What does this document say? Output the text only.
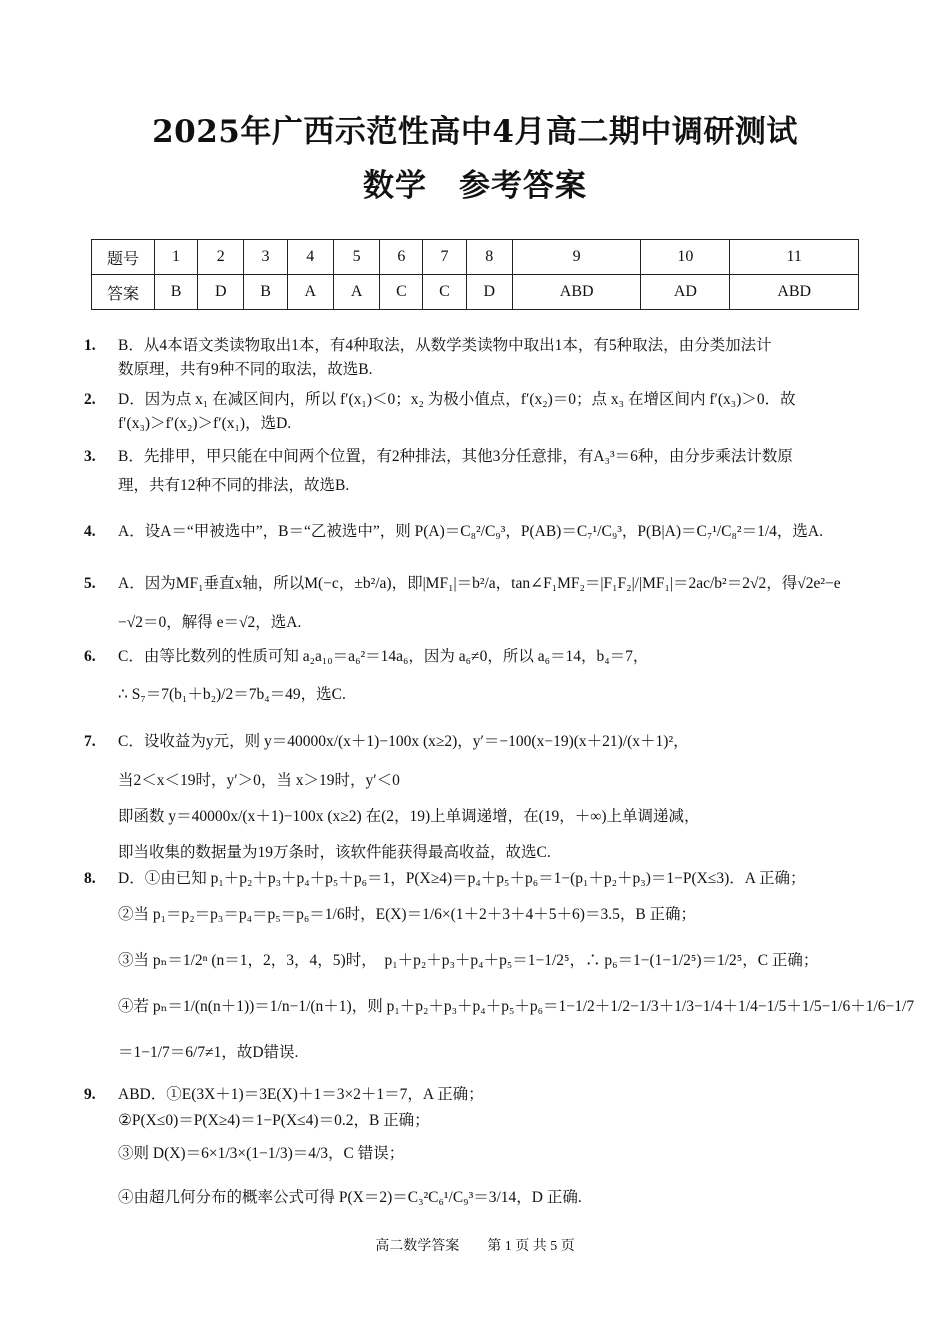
2025年广西示范性高中4月高二期中调研测试
数学　参考答案
题号	1	2	3	4	5	6	7	8	9	10	11
答案	B	D	B	A	A	C	C	D	ABD	AD	ABD
1. B．从4本语文类读物取出1本，有4种取法，从数学类读物中取出1本，有5种取法，由分类加法计
数原理，共有9种不同的取法，故选B.
2. D．因为点 x₁ 在减区间内，所以 f′(x₁)＜0；x₂ 为极小值点，f′(x₂)＝0；点 x₃ 在增区间内 f′(x₃)＞0．故
f′(x₃)＞f′(x₂)＞f′(x₁)，选D.
3. B．先排甲，甲只能在中间两个位置，有2种排法，其他3分任意排，有A₃³＝6种，由分步乘法计数原
理，共有12种不同的排法，故选B.
4. A．设A＝“甲被选中”，B＝“乙被选中”，则 P(A)＝C₈²/C₉³，P(AB)＝C₇¹/C₉³，P(B|A)＝C₇¹/C₈²＝1/4，选A.
5. A．因为MF₁垂直x轴，所以M(−c，±b²/a)，即|MF₁|＝b²/a，tan∠F₁MF₂＝|F₁F₂|/|MF₁|＝2ac/b²＝2√2，得√2e²−e
−√2＝0，解得 e＝√2，选A.
6. C．由等比数列的性质可知 a₂a₁₀＝a₆²＝14a₆，因为 a₆≠0，所以 a₆＝14，b₄＝7，
∴ S₇＝7(b₁＋b₂)/2＝7b₄＝49，选C.
7. C．设收益为y元，则 y＝40000x/(x＋1)−100x (x≥2)，y′＝−100(x−19)(x＋21)/(x＋1)²，
当2＜x＜19时，y′＞0，当 x＞19时，y′＜0
即函数 y＝40000x/(x＋1)−100x (x≥2) 在(2，19)上单调递增，在(19，＋∞)上单调递减，
即当收集的数据量为19万条时，该软件能获得最高收益，故选C.
8. D．①由已知 p₁＋p₂＋p₃＋p₄＋p₅＋p₆＝1，P(X≥4)＝p₄＋p₅＋p₆＝1−(p₁＋p₂＋p₃)＝1−P(X≤3)．A 正确；
②当 p₁＝p₂＝p₃＝p₄＝p₅＝p₆＝1/6时，E(X)＝1/6×(1＋2＋3＋4＋5＋6)＝3.5，B 正确；
③当 pₙ＝1/2ⁿ (n＝1，2，3，4，5)时，　p₁＋p₂＋p₃＋p₄＋p₅＝1−1/2⁵，∴ p₆＝1−(1−1/2⁵)＝1/2⁵，C 正确；
④若 pₙ＝1/(n(n＋1))＝1/n−1/(n＋1)，则 p₁＋p₂＋p₃＋p₄＋p₅＋p₆＝1−1/2＋1/2−1/3＋1/3−1/4＋1/4−1/5＋1/5−1/6＋1/6−1/7
＝1−1/7＝6/7≠1，故D错误.
9. ABD．①E(3X＋1)＝3E(X)＋1＝3×2＋1＝7，A 正确；
②P(X≤0)＝P(X≥4)＝1−P(X≤4)＝0.2，B 正确；
③则 D(X)＝6×1/3×(1−1/3)＝4/3，C 错误；
④由超几何分布的概率公式可得 P(X＝2)＝C₃²C₆¹/C₉³＝3/14，D 正确.
高二数学答案　　第 1 页 共 5 页
